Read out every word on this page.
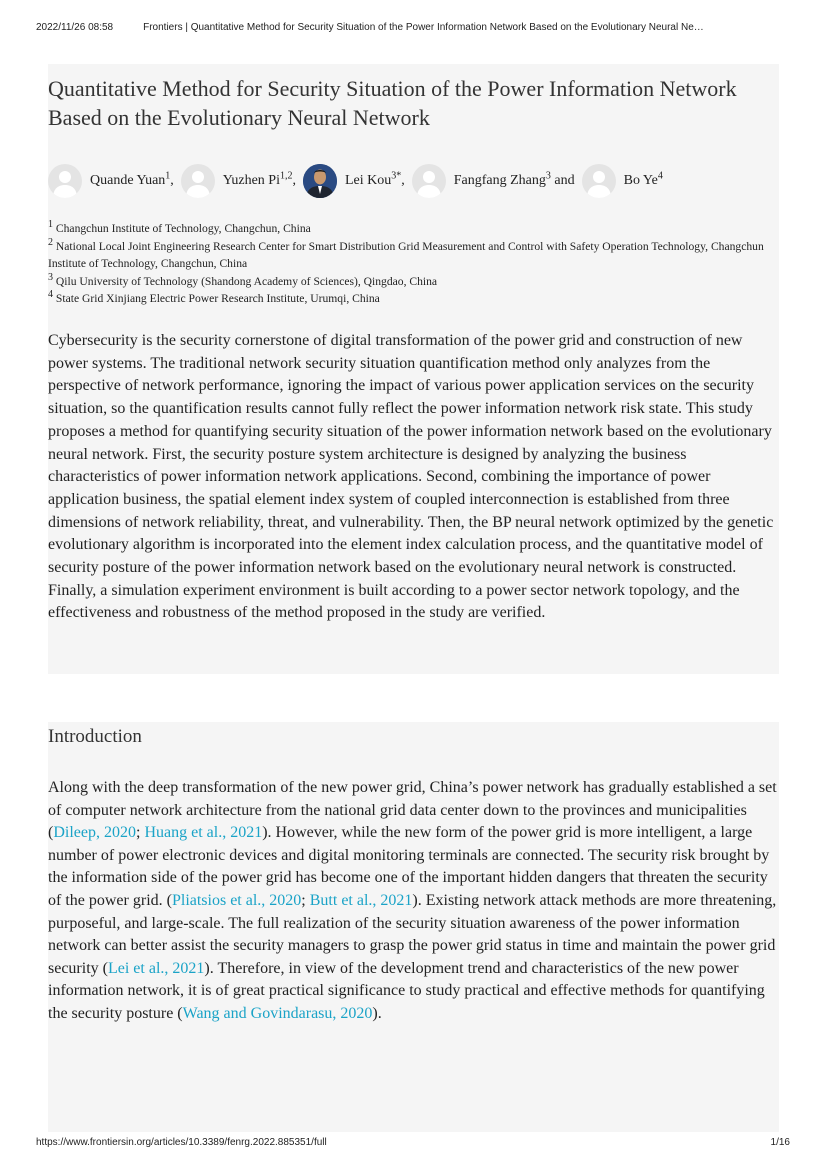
2022/11/26 08:58	Frontiers | Quantitative Method for Security Situation of the Power Information Network Based on the Evolutionary Neural Ne…
Quantitative Method for Security Situation of the Power Information Network
Based on the Evolutionary Neural Network
Quande Yuan$^1$ ,	Yuzhen Pi$^{1,2}$ ,	Lei Kou$^{3*}$ ,	Fangfang Zhang$^3$ and	Bo Ye$^4$

$^1$ Changchun Institute of Technology, Changchun, China

$^2$ National Local Joint Engineering Research Center for Smart Distribution Grid Measurement and Control with Safety Operation Technology, Changchun Institute of Technology, Changchun, China

$^3$ Qilu University of Technology (Shandong Academy of Sciences), Qingdao, China

$^4$ State Grid Xinjiang Electric Power Research Institute, Urumqi, China

Cybersecurity is the security cornerstone of digital transformation of the power grid and construction of new power systems. The traditional network security situation quantification method only analyzes from the perspective of network performance, ignoring the impact of various power application services on the security situation, so the quantification results cannot fully reflect the power information network risk state. This study proposes a method for quantifying security situation of the power information network based on the evolutionary neural network. First, the security posture system architecture is designed by analyzing the business characteristics of power information network applications. Second, combining the importance of power application business, the spatial element index system of coupled interconnection is established from three dimensions of network reliability, threat, and vulnerability. Then, the BP neural network optimized by the genetic evolutionary algorithm is incorporated into the element index calculation process, and the quantitative model of security posture of the power information network based on the evolutionary neural network is constructed. Finally, a simulation experiment environment is built according to a power sector network topology, and the effectiveness and robustness of the method proposed in the study are verified.

Introduction

Along with the deep transformation of the new power grid, China’s power network has gradually established a set of computer network architecture from the national grid data center down to the provinces and municipalities (Dileep, 2020; Huang et al., 2021). However, while the new form of the power grid is more intelligent, a large number of power electronic devices and digital monitoring terminals are connected. The security risk brought by the information side of the power grid has become one of the important hidden dangers that threaten the security of the power grid. (Pliatsios et al., 2020; Butt et al., 2021). Existing network attack methods are more threatening, purposeful, and large-scale. The full realization of the security situation awareness of the power information network can better assist the security managers to grasp the power grid status in time and maintain the power grid security (Lei et al., 2021). Therefore, in view of the development trend and characteristics of the new power information network, it is of great practical significance to study practical and effective methods for quantifying the security posture (Wang and Govindarasu, 2020).

https://www.frontiersin.org/articles/10.3389/fenrg.2022.885351/full	1/16
